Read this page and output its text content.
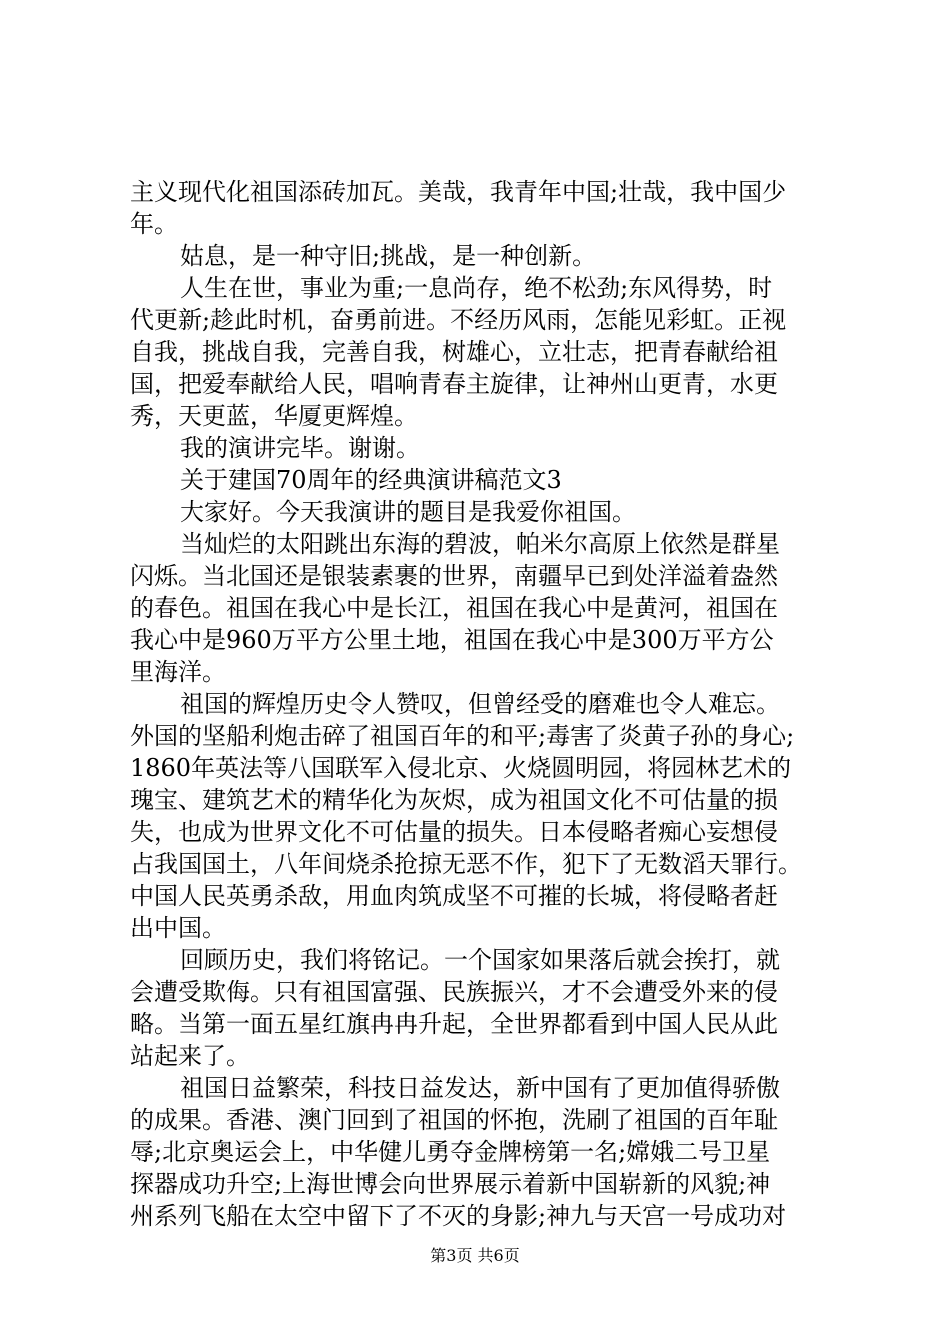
主义现代化祖国添砖加瓦。美哉，我青年中国;壮哉，我中国少
年。
姑息，是一种守旧;挑战，是一种创新。
人生在世，事业为重;一息尚存，绝不松劲;东风得势，时
代更新;趁此时机，奋勇前进。不经历风雨，怎能见彩虹。正视
自我，挑战自我，完善自我，树雄心，立壮志，把青春献给祖
国，把爱奉献给人民，唱响青春主旋律，让神州山更青，水更
秀，天更蓝，华厦更辉煌。
我的演讲完毕。谢谢。
关于建国70周年的经典演讲稿范文3
大家好。今天我演讲的题目是我爱你祖国。
当灿烂的太阳跳出东海的碧波，帕米尔高原上依然是群星
闪烁。当北国还是银装素裹的世界，南疆早已到处洋溢着盎然
的春色。祖国在我心中是长江，祖国在我心中是黄河，祖国在
我心中是960万平方公里土地，祖国在我心中是300万平方公
里海洋。
祖国的辉煌历史令人赞叹，但曾经受的磨难也令人难忘。
外国的坚船利炮击碎了祖国百年的和平;毒害了炎黄子孙的身心;
1860年英法等八国联军入侵北京、火烧圆明园，将园林艺术的
瑰宝、建筑艺术的精华化为灰烬，成为祖国文化不可估量的损
失，也成为世界文化不可估量的损失。日本侵略者痴心妄想侵
占我国国土，八年间烧杀抢掠无恶不作，犯下了无数滔天罪行。
中国人民英勇杀敌，用血肉筑成坚不可摧的长城，将侵略者赶
出中国。
回顾历史，我们将铭记。一个国家如果落后就会挨打，就
会遭受欺侮。只有祖国富强、民族振兴，才不会遭受外来的侵
略。当第一面五星红旗冉冉升起，全世界都看到中国人民从此
站起来了。
祖国日益繁荣，科技日益发达，新中国有了更加值得骄傲
的成果。香港、澳门回到了祖国的怀抱，洗刷了祖国的百年耻
辱;北京奥运会上，中华健儿勇夺金牌榜第一名;嫦娥二号卫星
探器成功升空;上海世博会向世界展示着新中国崭新的风貌;神
州系列飞船在太空中留下了不灭的身影;神九与天宫一号成功对
第3页 共6页
